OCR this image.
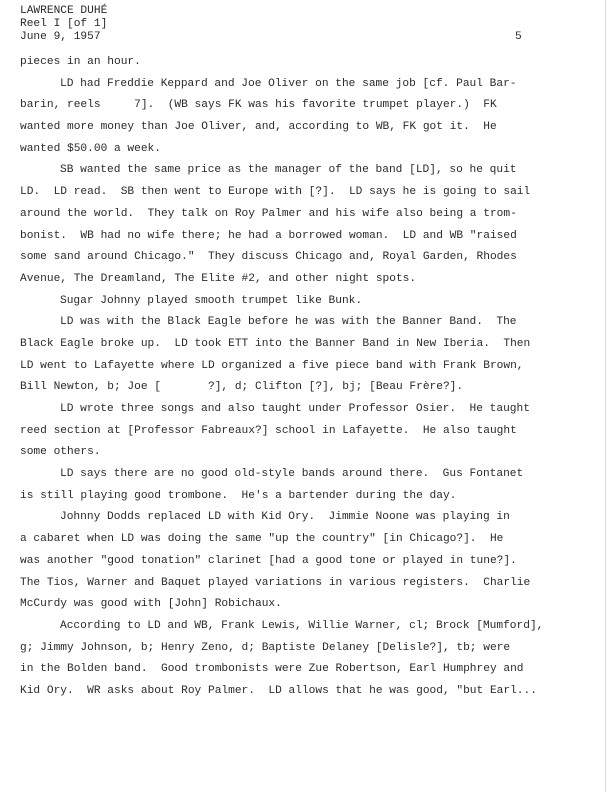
LAWRENCE DUHÉ
Reel I [of 1]
June 9, 1957	5
pieces in an hour.
LD had Freddie Keppard and Joe Oliver on the same job [cf. Paul Bar-
barin, reels     7].  (WB says FK was his favorite trumpet player.)  FK
wanted more money than Joe Oliver, and, according to WB, FK got it.  He
wanted $50.00 a week.
SB wanted the same price as the manager of the band [LD], so he quit
LD.  LD read.  SB then went to Europe with [?].  LD says he is going to sail
around the world.  They talk on Roy Palmer and his wife also being a trom-
bonist.  WB had no wife there; he had a borrowed woman.  LD and WB "raised
some sand around Chicago."  They discuss Chicago and, Royal Garden, Rhodes
Avenue, The Dreamland, The Elite #2, and other night spots.
Sugar Johnny played smooth trumpet like Bunk.
LD was with the Black Eagle before he was with the Banner Band.  The
Black Eagle broke up.  LD took ETT into the Banner Band in New Iberia.  Then
LD went to Lafayette where LD organized a five piece band with Frank Brown,
Bill Newton, b; Joe [       ?], d; Clifton [?], bj; [Beau Frère?].
LD wrote three songs and also taught under Professor Osier.  He taught
reed section at [Professor Fabreaux?] school in Lafayette.  He also taught
some others.
LD says there are no good old-style bands around there.  Gus Fontanet
is still playing good trombone.  He's a bartender during the day.
Johnny Dodds replaced LD with Kid Ory.  Jimmie Noone was playing in
a cabaret when LD was doing the same "up the country" [in Chicago?].  He
was another "good tonation" clarinet [had a good tone or played in tune?].
The Tios, Warner and Baquet played variations in various registers.  Charlie
McCurdy was good with [John] Robichaux.
According to LD and WB, Frank Lewis, Willie Warner, cl; Brock [Mumford],
g; Jimmy Johnson, b; Henry Zeno, d; Baptiste Delaney [Delisle?], tb; were
in the Bolden band.  Good trombonists were Zue Robertson, Earl Humphrey and
Kid Ory.  WR asks about Roy Palmer.  LD allows that he was good, "but Earl...
